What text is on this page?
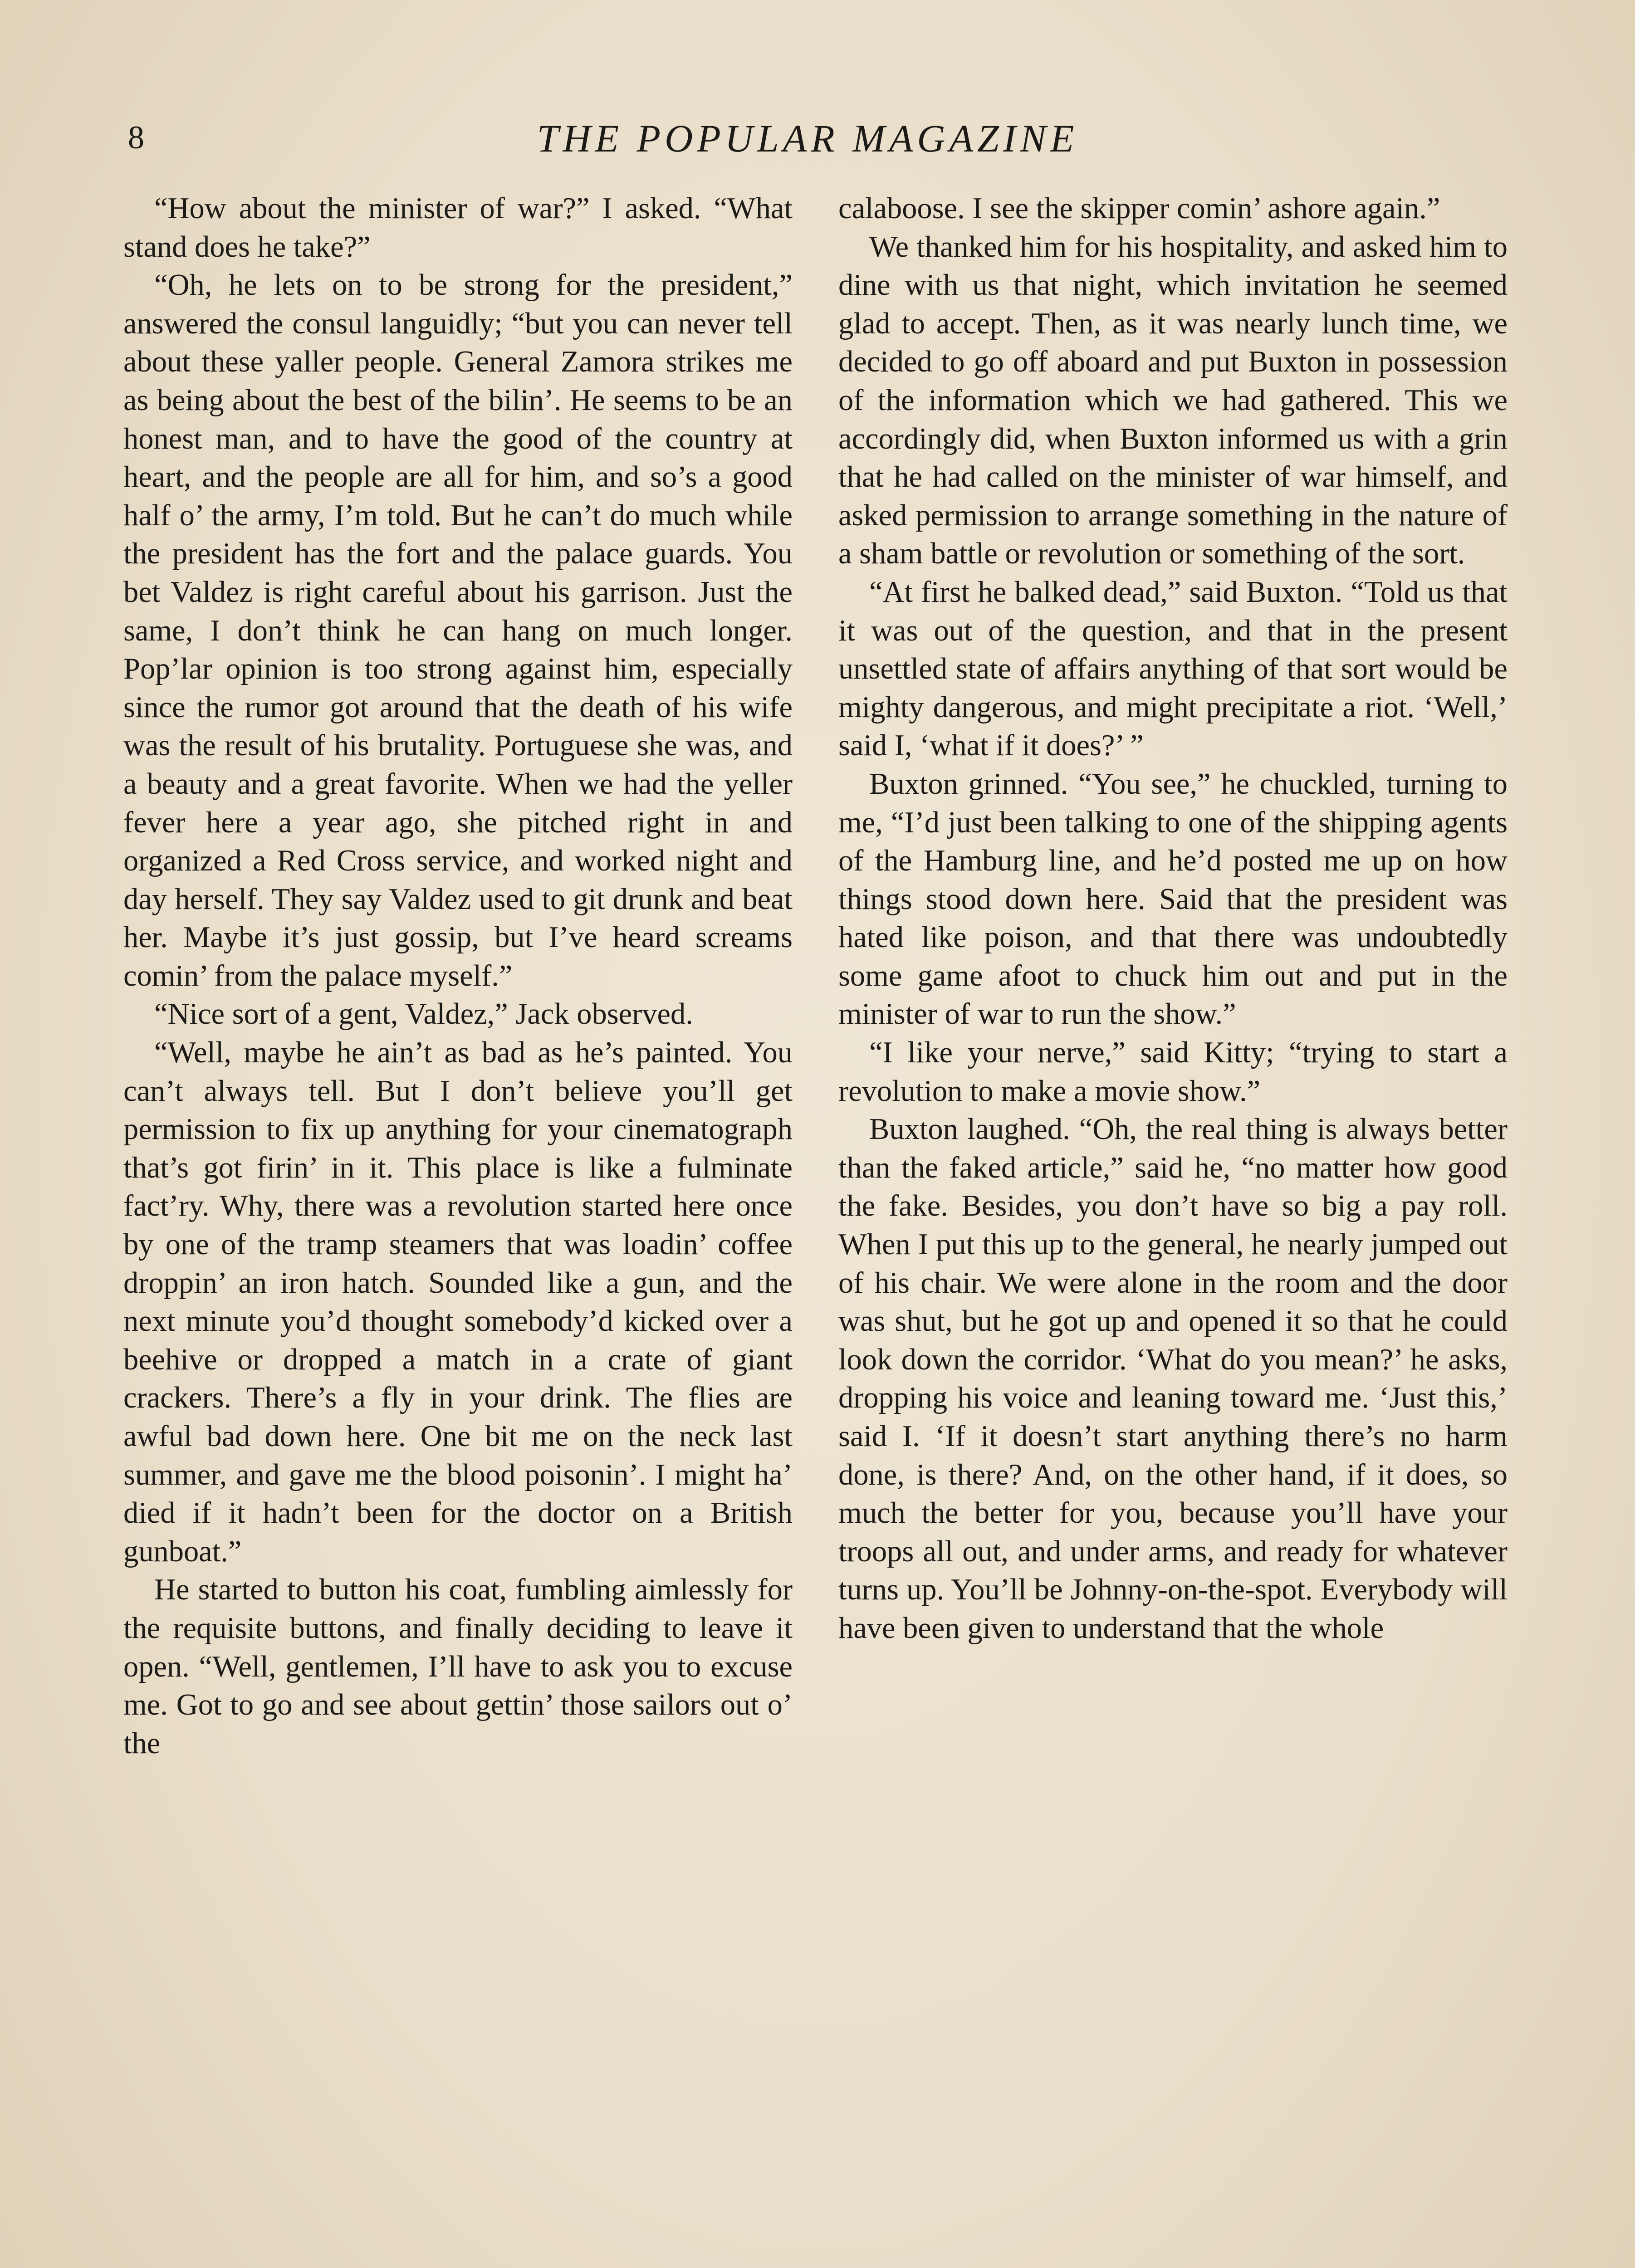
8	THE POPULAR MAGAZINE

“How about the minister of war?” I asked. “What stand does he take?”

“Oh, he lets on to be strong for the president,” answered the consul languidly; “but you can never tell about these yaller people. General Zamora strikes me as being about the best of the bilin’. He seems to be an honest man, and to have the good of the country at heart, and the people are all for him, and so’s a good half o’ the army, I’m told. But he can’t do much while the president has the fort and the palace guards. You bet Valdez is right careful about his garrison. Just the same, I don’t think he can hang on much longer. Pop’lar opinion is too strong against him, especially since the rumor got around that the death of his wife was the result of his brutality. Portuguese she was, and a beauty and a great favorite. When we had the yeller fever here a year ago, she pitched right in and organized a Red Cross service, and worked night and day herself. They say Valdez used to git drunk and beat her. Maybe it’s just gossip, but I’ve heard screams comin’ from the palace myself.”

“Nice sort of a gent, Valdez,” Jack observed.

“Well, maybe he ain’t as bad as he’s painted. You can’t always tell. But I don’t believe you’ll get permission to fix up anything for your cinematograph that’s got firin’ in it. This place is like a fulminate fact’ry. Why, there was a revolution started here once by one of the tramp steamers that was loadin’ coffee droppin’ an iron hatch. Sounded like a gun, and the next minute you’d thought somebody’d kicked over a beehive or dropped a match in a crate of giant crackers. There’s a fly in your drink. The flies are awful bad down here. One bit me on the neck last summer, and gave me the blood poisonin’. I might ha’ died if it hadn’t been for the doctor on a British gunboat.”

He started to button his coat, fumbling aimlessly for the requisite buttons, and finally deciding to leave it open. “Well, gentlemen, I’ll have to ask you to excuse me. Got to go and see about gettin’ those sailors out o’ the

calaboose. I see the skipper comin’ ashore again.”

We thanked him for his hospitality, and asked him to dine with us that night, which invitation he seemed glad to accept. Then, as it was nearly lunch time, we decided to go off aboard and put Buxton in possession of the information which we had gathered. This we accordingly did, when Buxton informed us with a grin that he had called on the minister of war himself, and asked permission to arrange something in the nature of a sham battle or revolution or something of the sort.

“At first he balked dead,” said Buxton. “Told us that it was out of the question, and that in the present unsettled state of affairs anything of that sort would be mighty dangerous, and might precipitate a riot. ‘Well,’ said I, ‘what if it does?’ ”

Buxton grinned. “You see,” he chuckled, turning to me, “I’d just been talking to one of the shipping agents of the Hamburg line, and he’d posted me up on how things stood down here. Said that the president was hated like poison, and that there was undoubtedly some game afoot to chuck him out and put in the minister of war to run the show.”

“I like your nerve,” said Kitty; “trying to start a revolution to make a movie show.”

Buxton laughed. “Oh, the real thing is always better than the faked article,” said he, “no matter how good the fake. Besides, you don’t have so big a pay roll. When I put this up to the general, he nearly jumped out of his chair. We were alone in the room and the door was shut, but he got up and opened it so that he could look down the corridor. ‘What do you mean?’ he asks, dropping his voice and leaning toward me. ‘Just this,’ said I. ‘If it doesn’t start anything there’s no harm done, is there? And, on the other hand, if it does, so much the better for you, because you’ll have your troops all out, and under arms, and ready for whatever turns up. You’ll be Johnny-on-the-spot. Everybody will have been given to understand that the whole
